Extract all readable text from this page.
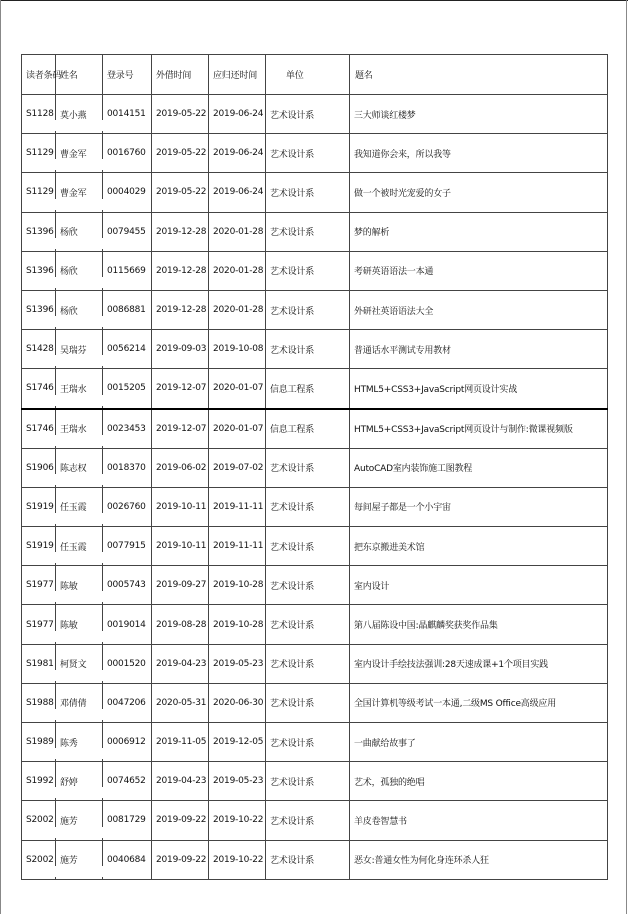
读者条码	姓名	登录号	外借时间	应归还时间	单位	题名
S1128	莫小燕	0014151	2019-05-22	2019-06-24	艺术设计系	三大师谈红楼梦
S1129	曹金军	0016760	2019-05-22	2019-06-24	艺术设计系	我知道你会来，所以我等
S1129	曹金军	0004029	2019-05-22	2019-06-24	艺术设计系	做一个被时光宠爱的女子
S1396	杨欣	0079455	2019-12-28	2020-01-28	艺术设计系	梦的解析
S1396	杨欣	0115669	2019-12-28	2020-01-28	艺术设计系	考研英语语法一本通
S1396	杨欣	0086881	2019-12-28	2020-01-28	艺术设计系	外研社英语语法大全
S1428	吴瑞芬	0056214	2019-09-03	2019-10-08	艺术设计系	普通话水平测试专用教材
S1746	王瑞水	0015205	2019-12-07	2020-01-07	信息工程系	HTML5+CSS3+JavaScript网页设计实战
S1746	王瑞水	0023453	2019-12-07	2020-01-07	信息工程系	HTML5+CSS3+JavaScript网页设计与制作:微课视频版
S1906	陈志权	0018370	2019-06-02	2019-07-02	艺术设计系	AutoCAD室内装饰施工图教程
S1919	任玉霞	0026760	2019-10-11	2019-11-11	艺术设计系	每间屋子都是一个小宇宙
S1919	任玉霞	0077915	2019-10-11	2019-11-11	艺术设计系	把东京搬进美术馆
S1977	陈敏	0005743	2019-09-27	2019-10-28	艺术设计系	室内设计
S1977	陈敏	0019014	2019-08-28	2019-10-28	艺术设计系	第八届陈设中国:晶麒麟奖获奖作品集
S1981	柯贤文	0001520	2019-04-23	2019-05-23	艺术设计系	室内设计手绘技法强训:28天速成课+1个项目实践
S1988	邓倩倩	0047206	2020-05-31	2020-06-30	艺术设计系	全国计算机等级考试一本通,二级MS Office高级应用
S1989	陈秀	0006912	2019-11-05	2019-12-05	艺术设计系	一曲献给故事了
S1992	舒婷	0074652	2019-04-23	2019-05-23	艺术设计系	艺术，孤独的绝唱
S2002	施芳	0081729	2019-09-22	2019-10-22	艺术设计系	羊皮卷智慧书
S2002	施芳	0040684	2019-09-22	2019-10-22	艺术设计系	恶女:普通女性为何化身连环杀人狂
